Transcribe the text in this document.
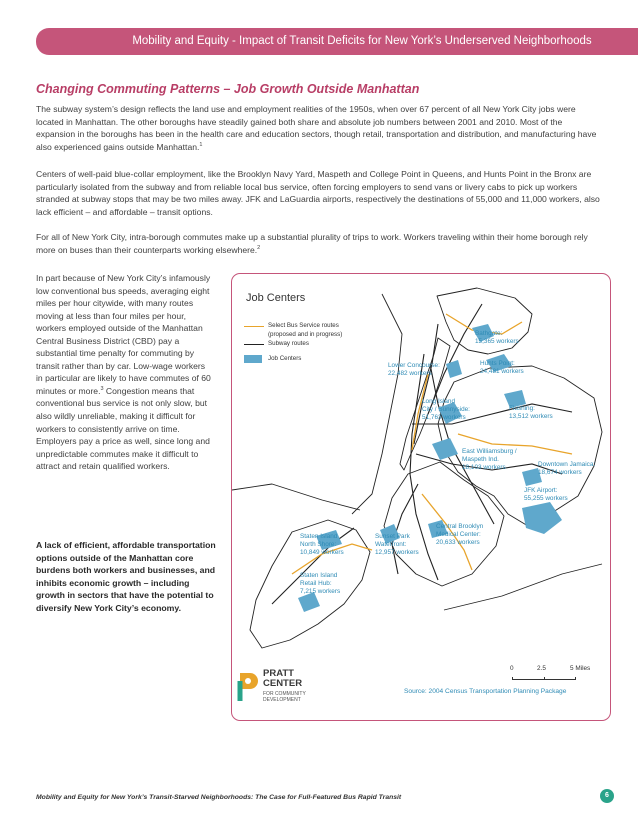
Mobility and Equity - Impact of Transit Deficits for New York’s Underserved Neighborhoods
Changing Commuting Patterns – Job Growth Outside Manhattan

The subway system’s design reflects the land use and employment realities of the 1950s, when over 67 percent of all New York City jobs were located in Manhattan. The other boroughs have steadily gained both share and absolute job numbers between 2001 and 2010. Most of the expansion in the boroughs has been in the health care and education sectors, though retail, transportation and distribution, and manufacturing have also experienced gains outside Manhattan.$^1$

Centers of well-paid blue-collar employment, like the Brooklyn Navy Yard, Maspeth and College Point in Queens, and Hunts Point in the Bronx are particularly isolated from the subway and from reliable local bus service, often forcing employers to send vans or livery cabs to pick up workers stranded at subway stops that may be two miles away. JFK and LaGuardia airports, respectively the destinations of 55,000 and 11,000 workers, also lack efficient – and affordable – transit options.

For all of New York City, intra-borough commutes make up a substantial plurality of trips to work. Workers traveling within their home borough rely more on buses than their counterparts working elsewhere.$^2$

In part because of New York City’s infamously low conventional bus speeds, averaging eight miles per hour citywide, with many routes moving at less than four miles per hour, workers employed outside of the Manhattan Central Business District (CBD) pay a substantial time penalty for commuting by transit rather than by car. Low-wage workers in particular are likely to have commutes of 60 minutes or more.$^3$ Congestion means that conventional bus service is not only slow, but also wildly unreliable, making it difficult for workers to consistently arrive on time. Employers pay a price as well, since long and unpredictable commutes make it difficult to attract and retain qualified workers.

A lack of efficient, affordable transportation options outside of the Manhattan core burdens both workers and businesses, and inhibits economic growth – including growth in sectors that have the potential to diversify New York City’s economy.

Job Centers
Select Bus Service routes
(proposed and in progress)
Subway routes
Job Centers
Bathgate:
15,365 workers
Hunts Point:
24,481 workers
Lower Concourse:
22,482 workers
Long Island
City / Sunnyside:
51,763 workers
Flushing:
13,512 workers
East Williamsburg /
Maspeth Ind.
18,103 workers	Downtown Jamaica:
18,674 workers
JFK Airport:
55,255 workers
Staten Island
North Shore:
10,849 workers
Sunset Park
Waterfront:
12,957 workers
Central Brooklyn
Medical Center:
20,633 workers
Staten Island
Retail Hub:
7,215 workers
0	2.5	5 Miles
PRATT
CENTER
FOR COMMUNITY
DEVELOPMENT
Source: 2004 Census Transportation Planning Package
Mobility and Equity for New York’s Transit-Starved Neighborhoods: The Case for Full-Featured Bus Rapid Transit	6
